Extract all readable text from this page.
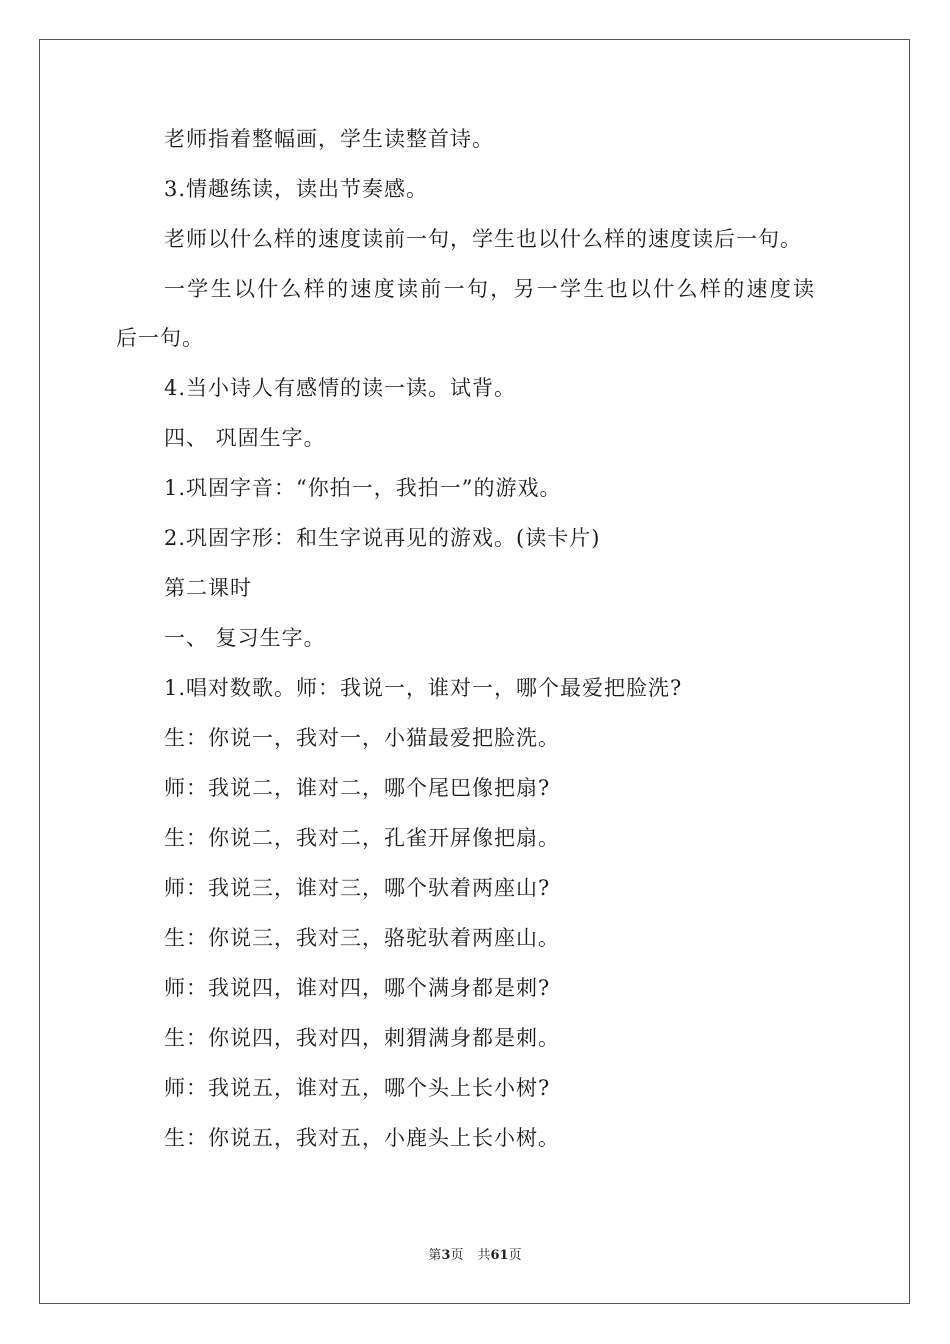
老师指着整幅画，学生读整首诗。
3.情趣练读，读出节奏感。
老师以什么样的速度读前一句，学生也以什么样的速度读后一句。
一学生以什么样的速度读前一句，另一学生也以什么样的速度读
后一句。
4.当小诗人有感情的读一读。试背。
四、 巩固生字。
1.巩固字音：“你拍一，我拍一”的游戏。
2.巩固字形：和生字说再见的游戏。(读卡片)
第二课时
一、 复习生字。
1.唱对数歌。师：我说一，谁对一，哪个最爱把脸洗?
生：你说一，我对一，小猫最爱把脸洗。
师：我说二，谁对二，哪个尾巴像把扇?
生：你说二，我对二，孔雀开屏像把扇。
师：我说三，谁对三，哪个驮着两座山?
生：你说三，我对三，骆驼驮着两座山。
师：我说四，谁对四，哪个满身都是刺?
生：你说四，我对四，刺猬满身都是刺。
师：我说五，谁对五，哪个头上长小树?
生：你说五，我对五，小鹿头上长小树。
第3页 共61页
